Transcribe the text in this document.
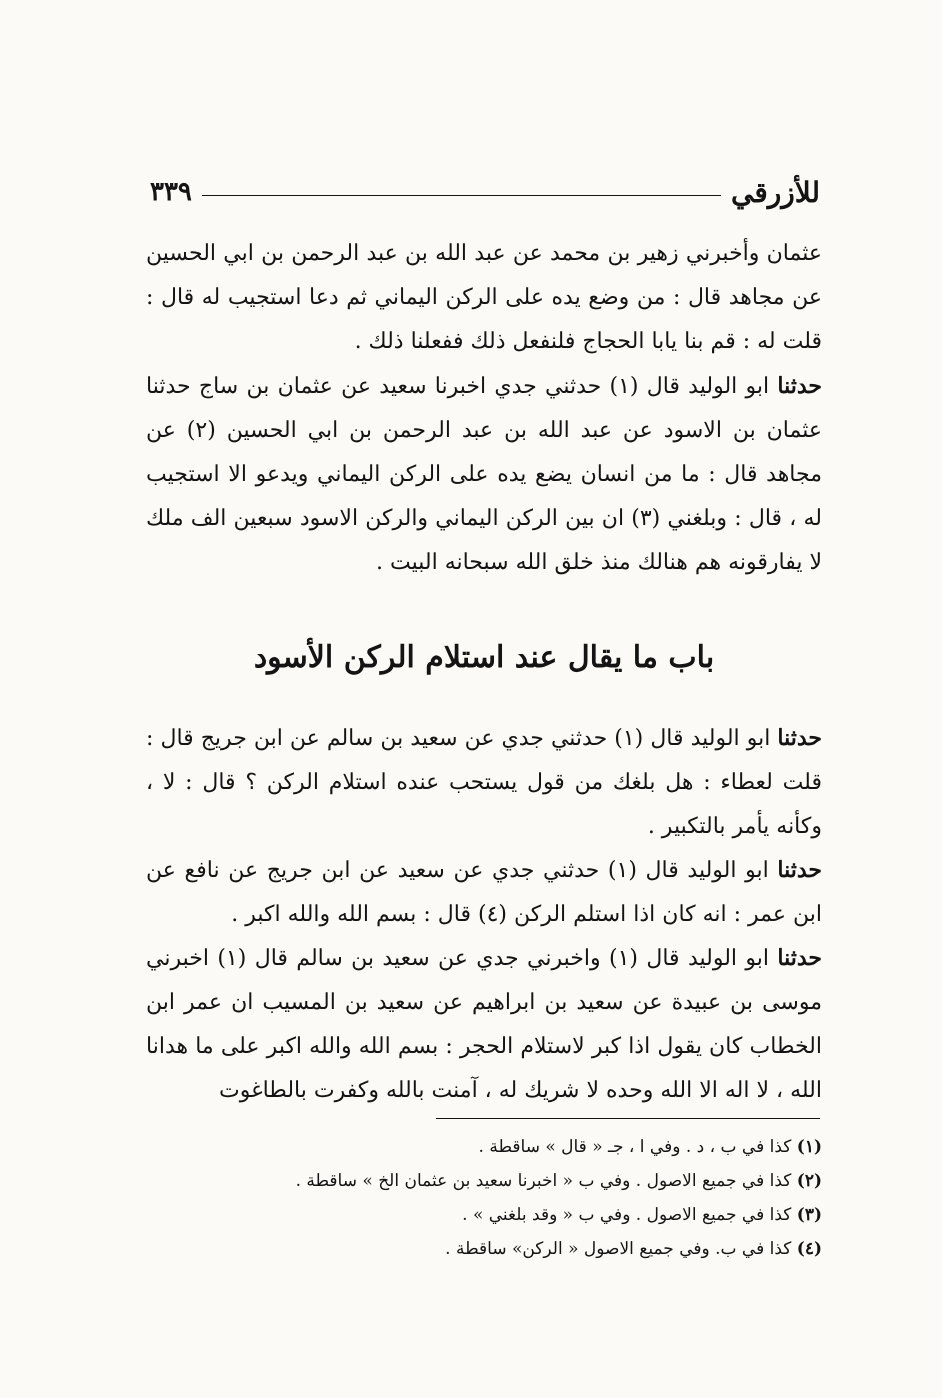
للأزرقي
٣٣٩
عثمان وأخبرني زهير بن محمد عن عبد الله بن عبد الرحمن بن ابي الحسين عن مجاهد قال : من وضع يده على الركن اليماني ثم دعا استجيب له قال : قلت له : قم بنا يابا الحجاج فلنفعل ذلك ففعلنا ذلك .
حدثنا ابو الوليد قال (١) حدثني جدي اخبرنا سعيد عن عثمان بن ساج حدثنا عثمان بن الاسود عن عبد الله بن عبد الرحمن بن ابي الحسين (٢) عن مجاهد قال : ما من انسان يضع يده على الركن اليماني ويدعو الا استجيب له ، قال : وبلغني (٣) ان بين الركن اليماني والركن الاسود سبعين الف ملك لا يفارقونه هم هنالك منذ خلق الله سبحانه البيت .
باب ما يقال عند استلام الركن الأسود
حدثنا ابو الوليد قال (١) حدثني جدي عن سعيد بن سالم عن ابن جريج قال : قلت لعطاء : هل بلغك من قول يستحب عنده استلام الركن ؟ قال : لا ، وكأنه يأمر بالتكبير .
حدثنا ابو الوليد قال (١) حدثني جدي عن سعيد عن ابن جريج عن نافع عن ابن عمر : انه كان اذا استلم الركن (٤) قال : بسم الله والله اكبر .
حدثنا ابو الوليد قال (١) واخبرني جدي عن سعيد بن سالم قال (١) اخبرني موسى بن عبيدة عن سعيد بن ابراهيم عن سعيد بن المسيب ان عمر ابن الخطاب كان يقول اذا كبر لاستلام الحجر : بسم الله والله اكبر على ما هدانا الله ، لا اله الا الله وحده لا شريك له ، آمنت بالله وكفرت بالطاغوت
(١) كذا في ب ، د . وفي ا ، جـ « قال » ساقطة .
(٢) كذا في جميع الاصول . وفي ب « اخبرنا سعيد بن عثمان الخ » ساقطة .
(٣) كذا في جميع الاصول . وفي ب « وقد بلغني » .
(٤) كذا في ب. وفي جميع الاصول « الركن» ساقطة .
